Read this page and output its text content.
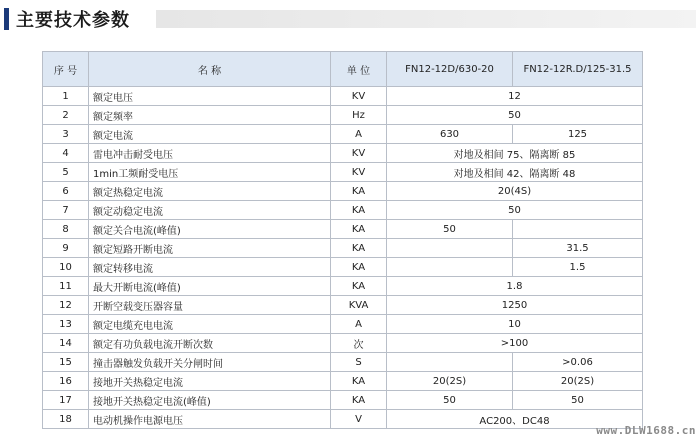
主要技术参数
序 号	名 称	单 位	FN12-12D/630-20	FN12-12R.D/125-31.5
1	额定电压	KV	12	
2	额定频率	Hz	50	
3	额定电流	A	630	125
4	雷电冲击耐受电压	KV	对地及相间 75、隔离断 85	
5	1min工频耐受电压	KV	对地及相间 42、隔离断 48	
6	额定热稳定电流	KA	20(4S)	
7	额定动稳定电流	KA	50	
8	额定关合电流(峰值)	KA	50	
9	额定短路开断电流	KA		31.5
10	额定转移电流	KA		1.5
11	最大开断电流(峰值)	KA	1.8	
12	开断空载变压器容量	KVA	1250	
13	额定电缆充电电流	A	10	
14	额定有功负载电流开断次数	次	>100	
15	撞击器触发负载开关分闸时间	S		>0.06
16	接地开关热稳定电流	KA	20(2S)	20(2S)
17	接地开关热稳定电流(峰值)	KA	50	50
18	电动机操作电源电压	V	AC200、DC48	
www.DLW1688.cn
